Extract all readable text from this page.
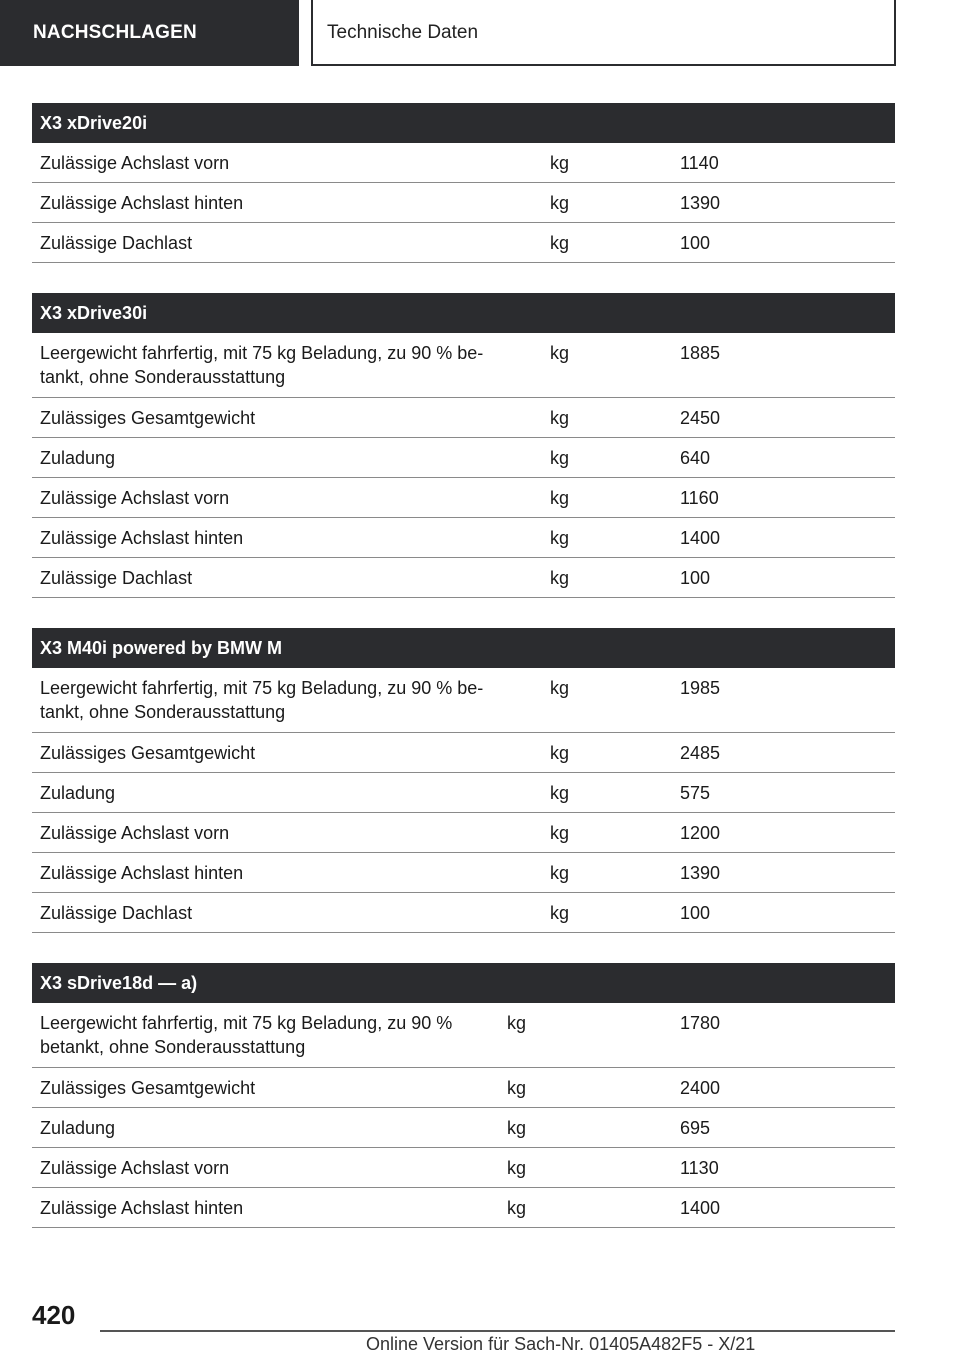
NACHSCHLAGEN	Technische Daten
X3 xDrive20i
Zulässige Achslast vorn	kg	1140
Zulässige Achslast hinten	kg	1390
Zulässige Dachlast	kg	100
X3 xDrive30i
Leergewicht fahrfertig, mit 75 kg Beladung, zu 90 % be-
tankt, ohne Sonderausstattung
kg	1885
Zulässiges Gesamtgewicht	kg	2450
Zuladung	kg	640
Zulässige Achslast vorn	kg	1160
Zulässige Achslast hinten	kg	1400
Zulässige Dachlast	kg	100
X3 M40i powered by BMW M
Leergewicht fahrfertig, mit 75 kg Beladung, zu 90 % be-
tankt, ohne Sonderausstattung
kg	1985
Zulässiges Gesamtgewicht	kg	2485
Zuladung	kg	575
Zulässige Achslast vorn	kg	1200
Zulässige Achslast hinten	kg	1390
Zulässige Dachlast	kg	100
X3 sDrive18d — a)
Leergewicht fahrfertig, mit 75 kg Beladung, zu 90 %
betankt, ohne Sonderausstattung
kg	1780
Zulässiges Gesamtgewicht	kg	2400
Zuladung	kg	695
Zulässige Achslast vorn	kg	1130
Zulässige Achslast hinten	kg	1400
420
Online Version für Sach-Nr. 01405A482F5 - X/21
